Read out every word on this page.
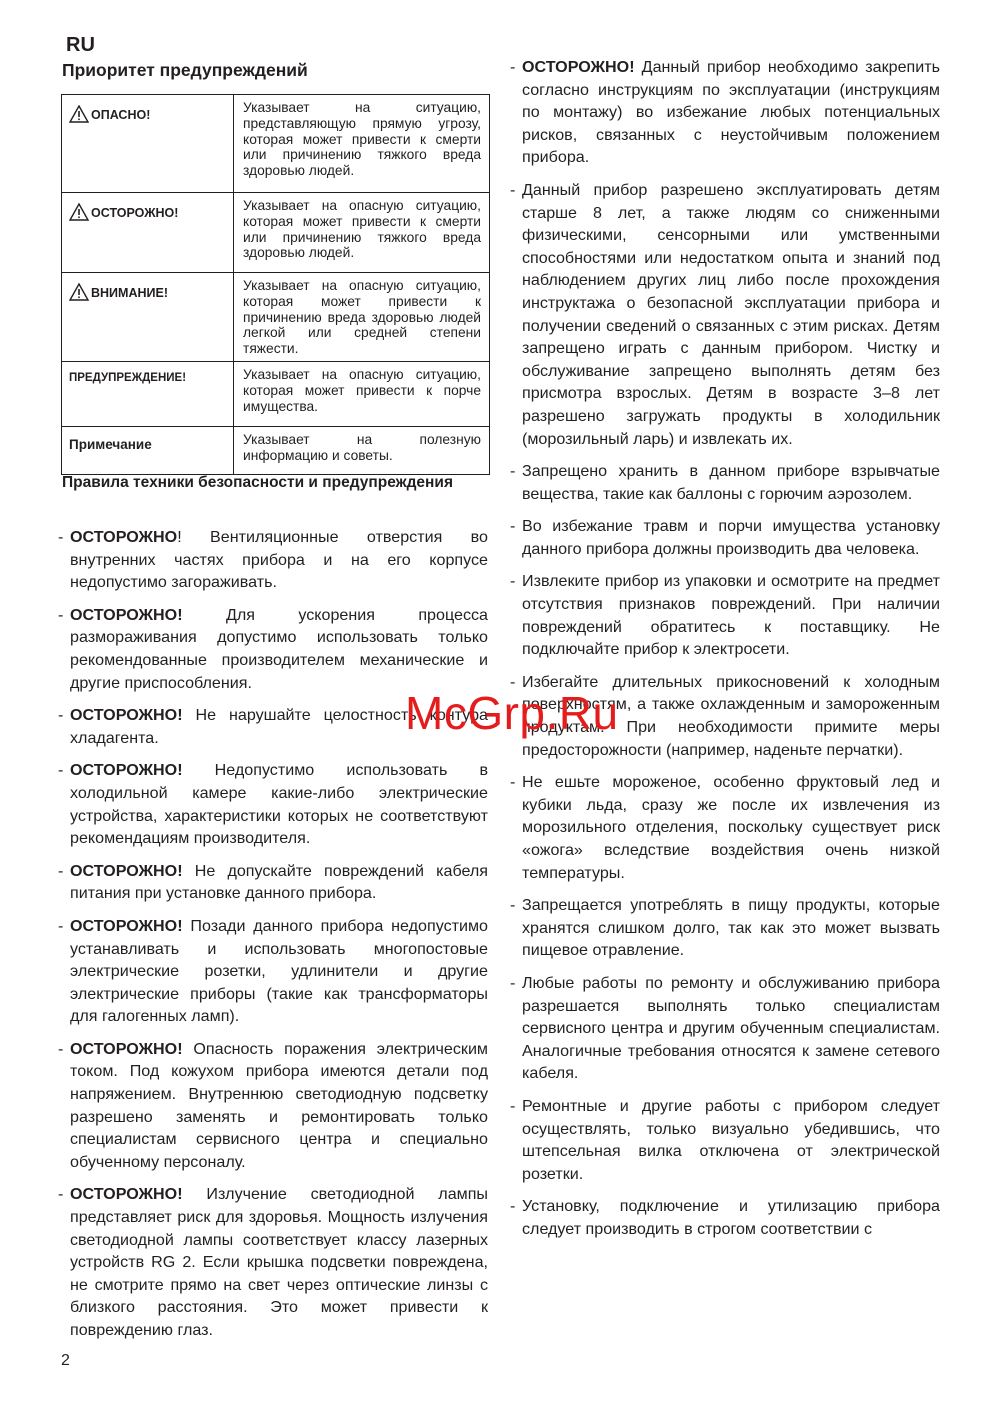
RU
Приоритет предупреждений
ОПАСНО!	Указывает на ситуацию, представляющую прямую угрозу, которая может привести к смерти или причинению тяжкого вреда здоровью людей.
ОСТОРОЖНО!	Указывает на опасную ситуацию, которая может привести к смерти или причинению тяжкого вреда здоровью людей.
ВНИМАНИЕ!	Указывает на опасную ситуацию, которая может привести к причинению вреда здоровью людей легкой или средней степени тяжести.
ПРЕДУПРЕЖДЕНИЕ!	Указывает на опасную ситуацию, которая может привести к порче имущества.
Примечание	Указывает на полезную информацию и советы.
Правила техники безопасности и предупреждения
- ОСТОРОЖНО! Вентиляционные отверстия во внутренних частях прибора и на его корпусе недопустимо загораживать.
- ОСТОРОЖНО! Для ускорения процесса размораживания допустимо использовать только рекомендованные производителем механические и другие приспособления.
- ОСТОРОЖНО! Не нарушайте целостность контура хладагента.
- ОСТОРОЖНО! Недопустимо использовать в холодильной камере какие-либо электрические устройства, характеристики которых не соответствуют рекомендациям производителя.
- ОСТОРОЖНО! Не допускайте повреждений кабеля питания при установке данного прибора.
- ОСТОРОЖНО! Позади данного прибора недопустимо устанавливать и использовать многопостовые электрические розетки, удлинители и другие электрические приборы (такие как трансформаторы для галогенных ламп).
- ОСТОРОЖНО! Опасность поражения электрическим током. Под кожухом прибора имеются детали под напряжением. Внутреннюю светодиодную подсветку разрешено заменять и ремонтировать только специалистам сервисного центра и специально обученному персоналу.
- ОСТОРОЖНО! Излучение светодиодной лампы представляет риск для здоровья. Мощность излучения светодиодной лампы соответствует классу лазерных устройств RG 2. Если крышка подсветки повреждена, не смотрите прямо на свет через оптические линзы с близкого расстояния. Это может привести к повреждению глаз.
- ОСТОРОЖНО! Данный прибор необходимо закрепить согласно инструкциям по эксплуатации (инструкциям по монтажу) во избежание любых потенциальных рисков, связанных с неустойчивым положением прибора.
- Данный прибор разрешено эксплуатировать детям старше 8 лет, а также людям со сниженными физическими, сенсорными или умственными способностями или недостатком опыта и знаний под наблюдением других лиц либо после прохождения инструктажа о безопасной эксплуатации прибора и получении сведений о связанных с этим рисках. Детям запрещено играть с данным прибором. Чистку и обслуживание запрещено выполнять детям без присмотра взрослых. Детям в возрасте 3–8 лет разрешено загружать продукты в холодильник (морозильный ларь) и извлекать их.
- Запрещено хранить в данном приборе взрывчатые вещества, такие как баллоны с горючим аэрозолем.
- Во избежание травм и порчи имущества установку данного прибора должны производить два человека.
- Извлеките прибор из упаковки и осмотрите на предмет отсутствия признаков повреждений. При наличии повреждений обратитесь к поставщику. Не подключайте прибор к электросети.
- Избегайте длительных прикосновений к холодным поверхностям, а также охлажденным и замороженным продуктам. При необходимости примите меры предосторожности (например, наденьте перчатки).
- Не ешьте мороженое, особенно фруктовый лед и кубики льда, сразу же после их извлечения из морозильного отделения, поскольку существует риск «ожога» вследствие воздействия очень низкой температуры.
- Запрещается употреблять в пищу продукты, которые хранятся слишком долго, так как это может вызвать пищевое отравление.
- Любые работы по ремонту и обслуживанию прибора разрешается выполнять только специалистам сервисного центра и другим обученным специалистам. Аналогичные требования относятся к замене сетевого кабеля.
- Ремонтные и другие работы с прибором следует осуществлять, только визуально убедившись, что штепсельная вилка отключена от электрической розетки.
- Установку, подключение и утилизацию прибора следует производить в строгом соответствии с
McGrp.Ru
2
